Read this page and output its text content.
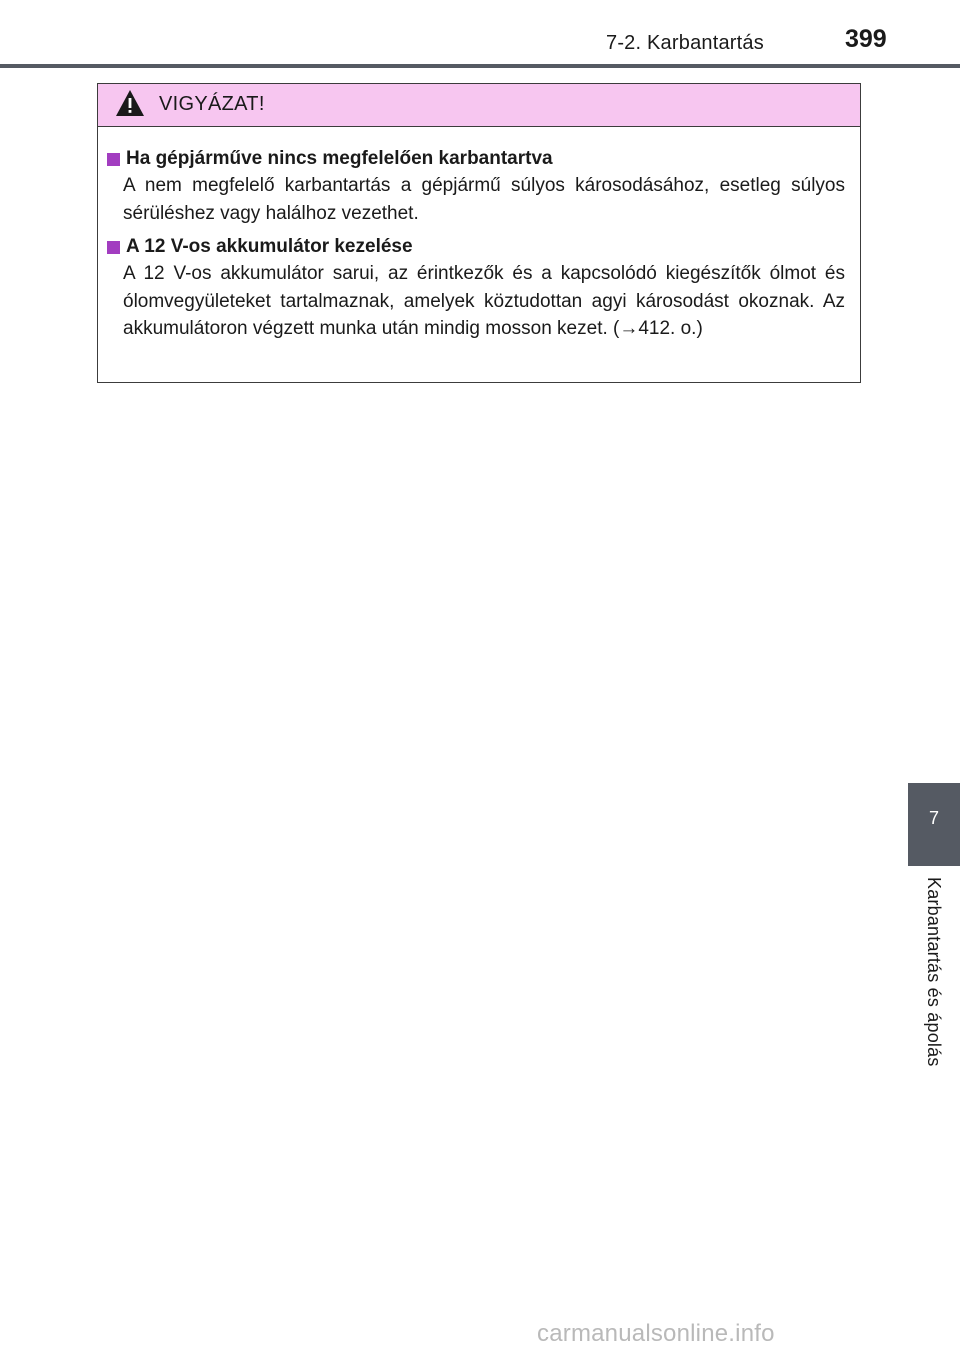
7-2. Karbantartás	399
VIGYÁZAT!
Ha gépjárműve nincs megfelelően karbantartva
A nem megfelelő karbantartás a gépjármű súlyos károsodásához, esetleg súlyos sérüléshez vagy halálhoz vezethet.
A 12 V-os akkumulátor kezelése
A 12 V-os akkumulátor sarui, az érintkezők és a kapcsolódó kiegészítők ólmot és ólomvegyületeket tartalmaznak, amelyek köztudottan agyi károsodást okoznak. Az akkumulátoron végzett munka után mindig mosson kezet. (→412. o.)
7
Karbantartás és ápolás
carmanualsonline.info
